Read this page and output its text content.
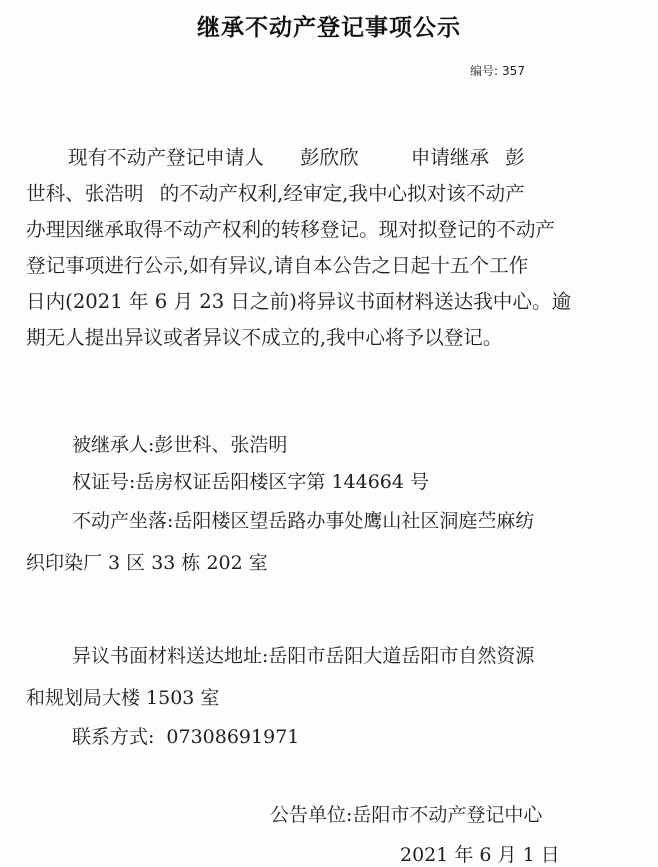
继承不动产登记事项公示
编号: 357
现有不动产登记申请人 彭欣欣	申请继承 彭
世科、张浩明 的不动产权利,经审定,我中心拟对该不动产
办理因继承取得不动产权利的转移登记。现对拟登记的不动产
登记事项进行公示,如有异议,请自本公告之日起十五个工作
日内(2021 年 6 月 23 日之前)将异议书面材料送达我中心。逾
期无人提出异议或者异议不成立的,我中心将予以登记。
被继承人:彭世科、张浩明
权证号:岳房权证岳阳楼区字第 144664 号
不动产坐落:岳阳楼区望岳路办事处鹰山社区洞庭苎麻纺
织印染厂 3 区 33 栋 202 室
异议书面材料送达地址:岳阳市岳阳大道岳阳市自然资源
和规划局大楼 1503 室
联系方式: 07308691971
公告单位:岳阳市不动产登记中心
2021 年 6 月 1 日
